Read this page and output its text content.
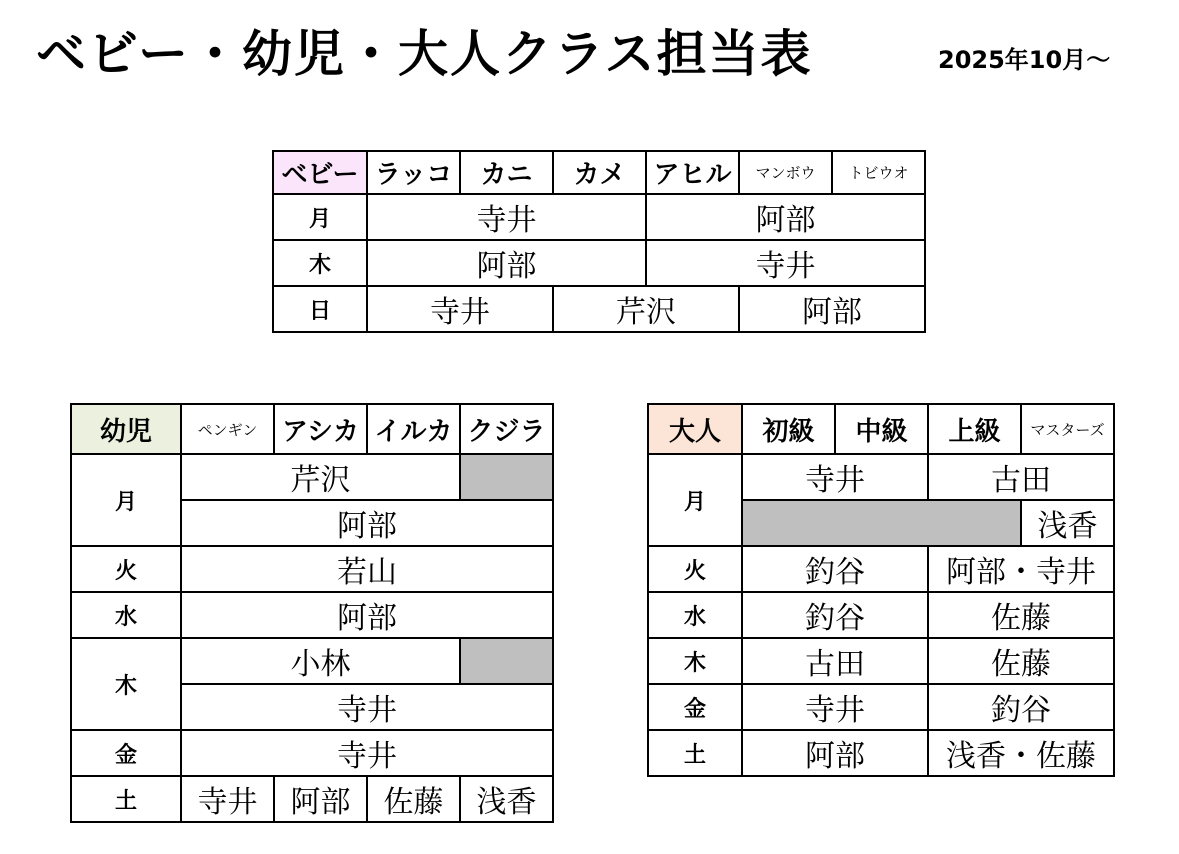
ベビー・幼児・大人クラス担当表	2025年10月～
ベビー	ラッコ	カニ	カメ	アヒル	マンボウ	トビウオ
月	寺井			阿部		
木	阿部			寺井		
日	寺井		芹沢		阿部	
幼児	ペンギン	アシカ	イルカ	クジラ
月	芹沢			
	阿部			
火	若山			
水	阿部			
木	小林			
	寺井			
金	寺井			
土	寺井	阿部	佐藤	浅香
大人	初級	中級	上級	マスターズ
月	寺井		古田	
				浅香
火	釣谷		阿部・寺井	
水	釣谷		佐藤	
木	古田		佐藤	
金	寺井		釣谷	
土	阿部		浅香・佐藤	
